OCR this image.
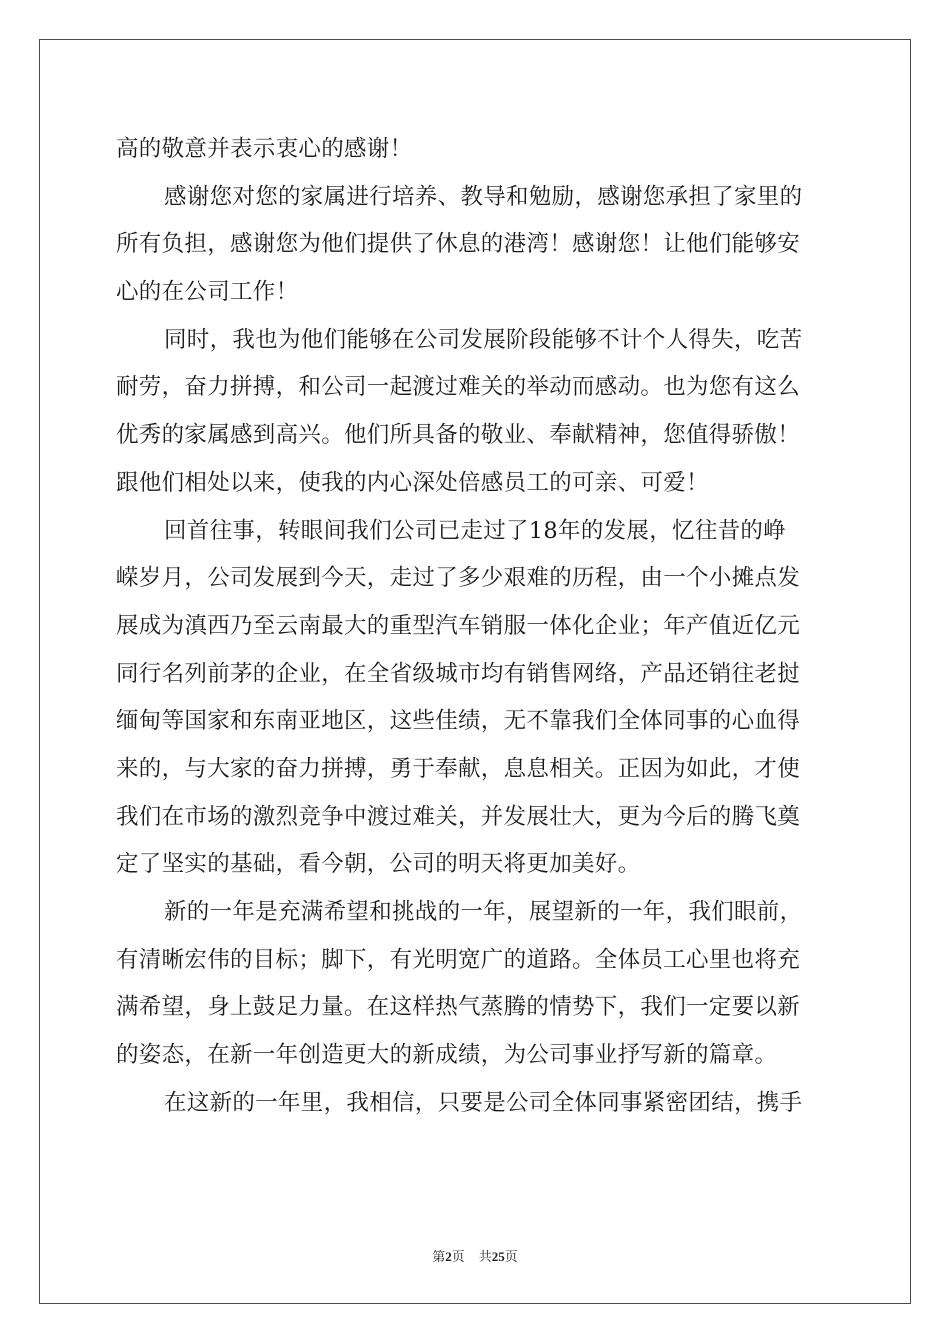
高的敬意并表示衷心的感谢！
感谢您对您的家属进行培养、教导和勉励，感谢您承担了家里的
所有负担，感谢您为他们提供了休息的港湾！感谢您！让他们能够安
心的在公司工作！
同时，我也为他们能够在公司发展阶段能够不计个人得失，吃苦
耐劳，奋力拼搏，和公司一起渡过难关的举动而感动。也为您有这么
优秀的家属感到高兴。他们所具备的敬业、奉献精神，您值得骄傲！
跟他们相处以来，使我的内心深处倍感员工的可亲、可爱！
回首往事，转眼间我们公司已走过了18年的发展，忆往昔的峥
嵘岁月，公司发展到今天，走过了多少艰难的历程，由一个小摊点发
展成为滇西乃至云南最大的重型汽车销服一体化企业；年产值近亿元
同行名列前茅的企业，在全省级城市均有销售网络，产品还销往老挝
缅甸等国家和东南亚地区，这些佳绩，无不靠我们全体同事的心血得
来的，与大家的奋力拼搏，勇于奉献，息息相关。正因为如此，才使
我们在市场的激烈竞争中渡过难关，并发展壮大，更为今后的腾飞奠
定了坚实的基础，看今朝，公司的明天将更加美好。
新的一年是充满希望和挑战的一年，展望新的一年，我们眼前，
有清晰宏伟的目标；脚下，有光明宽广的道路。全体员工心里也将充
满希望，身上鼓足力量。在这样热气蒸腾的情势下，我们一定要以新
的姿态，在新一年创造更大的新成绩，为公司事业抒写新的篇章。
在这新的一年里，我相信，只要是公司全体同事紧密团结，携手
第2页 共25页
